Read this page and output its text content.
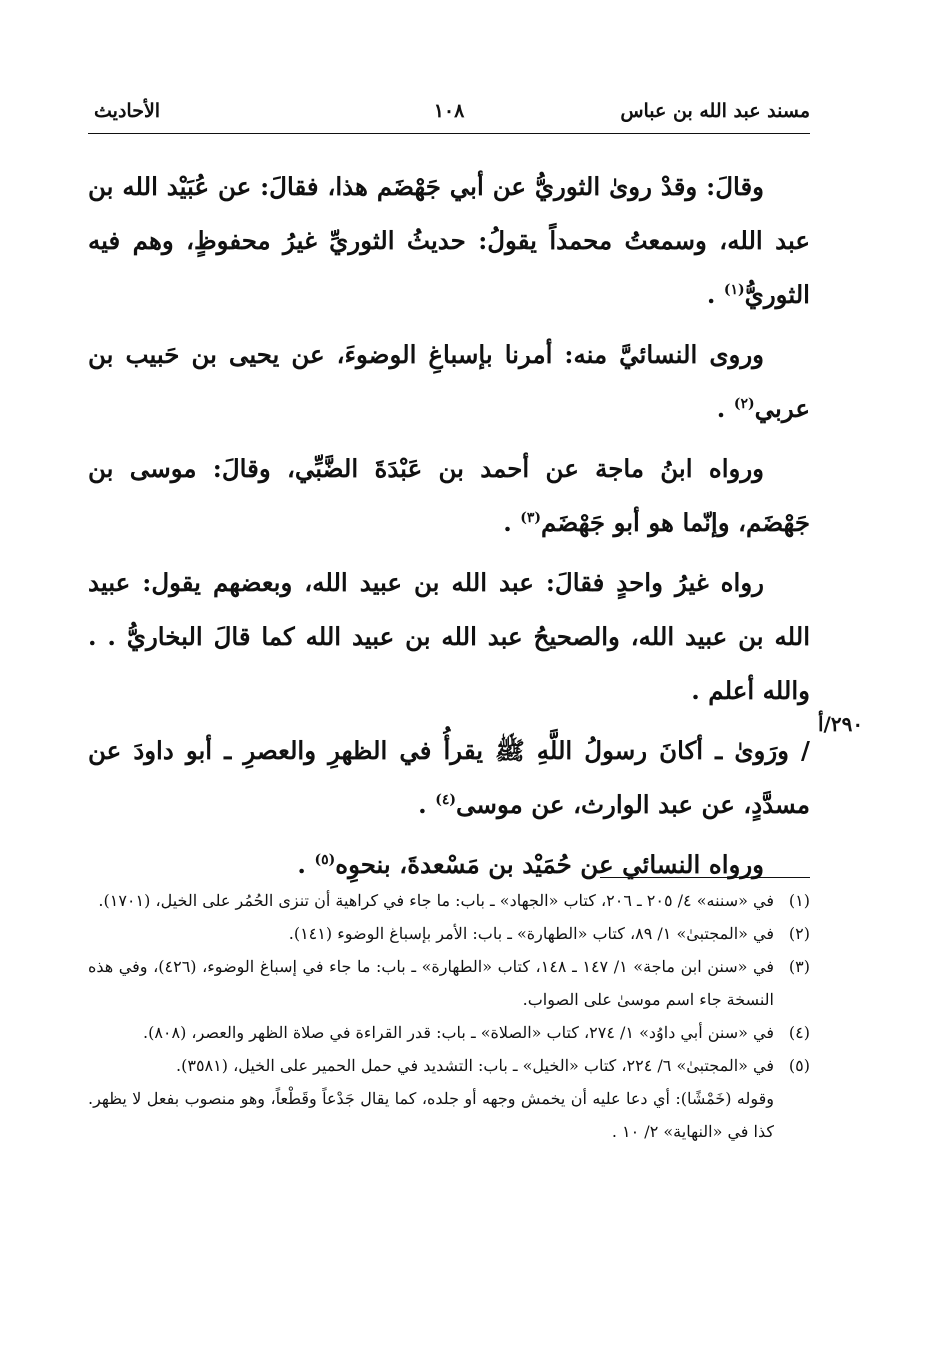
مسند عبد الله بن عباس
١٠٨
الأحاديث
٢٩٠/أ

وقالَ: وقدْ روىٰ الثوريُّ عن أبي جَهْضَم هذا، فقالَ: عن عُبَيْد الله بن عبد الله، وسمعتُ محمداً يقولُ: حديثُ الثوريِّ غيرُ محفوظٍ، وهم فيه الثوريُّ$^{(١)}$ .

وروى النسائيَّ منه: أمرنا بإسباغِ الوضوءَ، عن يحيى بن حَبيب بن عربي$^{(٢)}$ .

ورواه ابنُ ماجة عن أحمد بن عَبْدَةَ الضَّبِّي، وقالَ: موسى بن جَهْضَم، وإنّما هو أبو جَهْضَم$^{(٣)}$ .

رواه غيرُ واحدٍ فقالَ: عبد الله بن عبيد الله، وبعضهم يقول: عبيد الله بن عبيد الله، والصحيحُ عبد الله بن عبيد الله كما قالَ البخاريُّ . . والله أعلم .

/ ورَوىٰ ـ أكانَ رسولُ اللَّهِ ﷺ يقرأُ في الظهرِ والعصرِ ـ أبو داودَ عن مسدَّدٍ، عن عبد الوارث، عن موسى$^{(٤)}$ .

ورواه النسائي عن حُمَيْد بن مَسْعدةَ، بنحوِه$^{(٥)}$ .

(١)
في «سننه» ٤/ ٢٠٥ ـ ٢٠٦، كتاب «الجهاد» ـ باب: ما جاء في كراهية أن تنزى الحُمُر على الخيل، (١٧٠١).

(٢)
في «المجتبىٰ» ١/ ٨٩، كتاب «الطهارة» ـ باب: الأمر بإسباغ الوضوء (١٤١).

(٣)
في «سنن ابن ماجة» ١/ ١٤٧ ـ ١٤٨، كتاب «الطهارة» ـ باب: ما جاء في إسباغ الوضوء، (٤٢٦)، وفي هذه النسخة جاء اسم موسىٰ على الصواب.

(٤)
في «سنن أبي داوُد» ١/ ٢٧٤، كتاب «الصلاة» ـ باب: قدر القراءة في صلاة الظهر والعصر، (٨٠٨).

(٥)
في «المجتبىٰ» ٦/ ٢٢٤، كتاب «الخيل» ـ باب: التشديد في حمل الحمير على الخيل، (٣٥٨١).

وقوله (خَمْشًا): أي دعا عليه أن يخمش وجهه أو جلده، كما يقال جَدْعاً وقَطْعاً، وهو منصوب بفعل لا يظهر. كذا في «النهاية» ٢/ ١٠ .
